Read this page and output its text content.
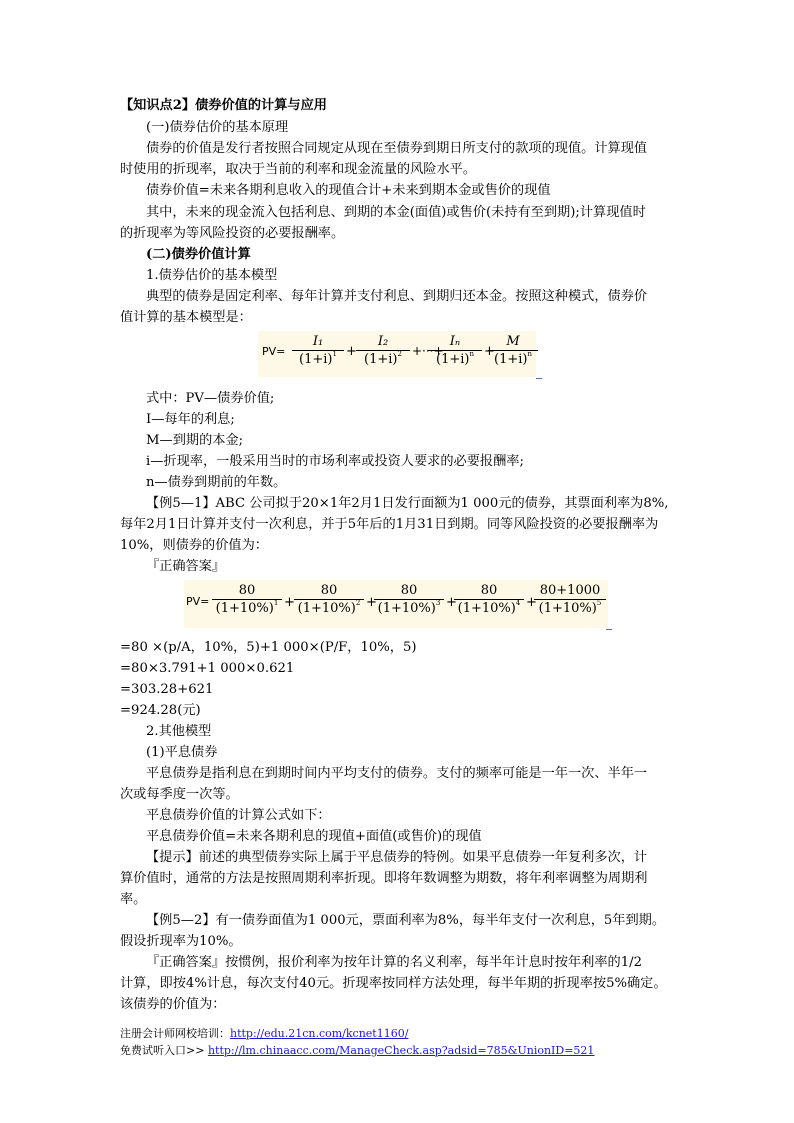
【知识点2】债券价值的计算与应用
(一)债券估价的基本原理
债券的价值是发行者按照合同规定从现在至债券到期日所支付的款项的现值。计算现值
时使用的折现率，取决于当前的利率和现金流量的风险水平。
债券价值=未来各期利息收入的现值合计+未来到期本金或售价的现值
其中，未来的现金流入包括利息、到期的本金(面值)或售价(未持有至到期);计算现值时
的折现率为等风险投资的必要报酬率。
(二)债券价值计算
1.债券估价的基本模型
典型的债券是固定利率、每年计算并支付利息、到期归还本金。按照这种模式，债券价
值计算的基本模型是：
PV=
I₁
$(1+i)^1$ +
I₂
$(1+i)^2$ +···+
Iₙ
$(1+i)^n$ +
M
$(1+i)^n$
式中：PV—债券价值;
I—每年的利息;
M—到期的本金;
i—折现率，一般采用当时的市场利率或投资人要求的必要报酬率;
n—债券到期前的年数。
【例5—1】ABC 公司拟于20×1年2月1日发行面额为1 000元的债券，其票面利率为8%,
每年2月1日计算并支付一次利息，并于5年后的1月31日到期。同等风险投资的必要报酬率为
10%，则债券的价值为：
『正确答案』
PV=
80
$(1+10\%)^1$ +
80
$(1+10\%)^2$ +
80
$(1+10\%)^3$ +
80
$(1+10\%)^4$ +
80+1000
$(1+10\%)^5$
=80 ×(p/A，10%，5)+1 000×(P/F，10%，5)
=80×3.791+1 000×0.621
=303.28+621
=924.28(元)
2.其他模型
(1)平息债券
平息债券是指利息在到期时间内平均支付的债券。支付的频率可能是一年一次、半年一
次或每季度一次等。
平息债券价值的计算公式如下：
平息债券价值=未来各期利息的现值+面值(或售价)的现值
【提示】前述的典型债券实际上属于平息债券的特例。如果平息债券一年复利多次，计
算价值时，通常的方法是按照周期利率折现。即将年数调整为期数，将年利率调整为周期利
率。
【例5—2】有一债券面值为1 000元，票面利率为8%，每半年支付一次利息，5年到期。
假设折现率为10%。
『正确答案』按惯例，报价利率为按年计算的名义利率，每半年计息时按年利率的1/2
计算，即按4%计息，每次支付40元。折现率按同样方法处理，每半年期的折现率按5%确定。
该债券的价值为：
注册会计师网校培训：http://edu.21cn.com/kcnet1160/
免费试听入口>> http://lm.chinaacc.com/ManageCheck.asp?adsid=785&UnionID=521
